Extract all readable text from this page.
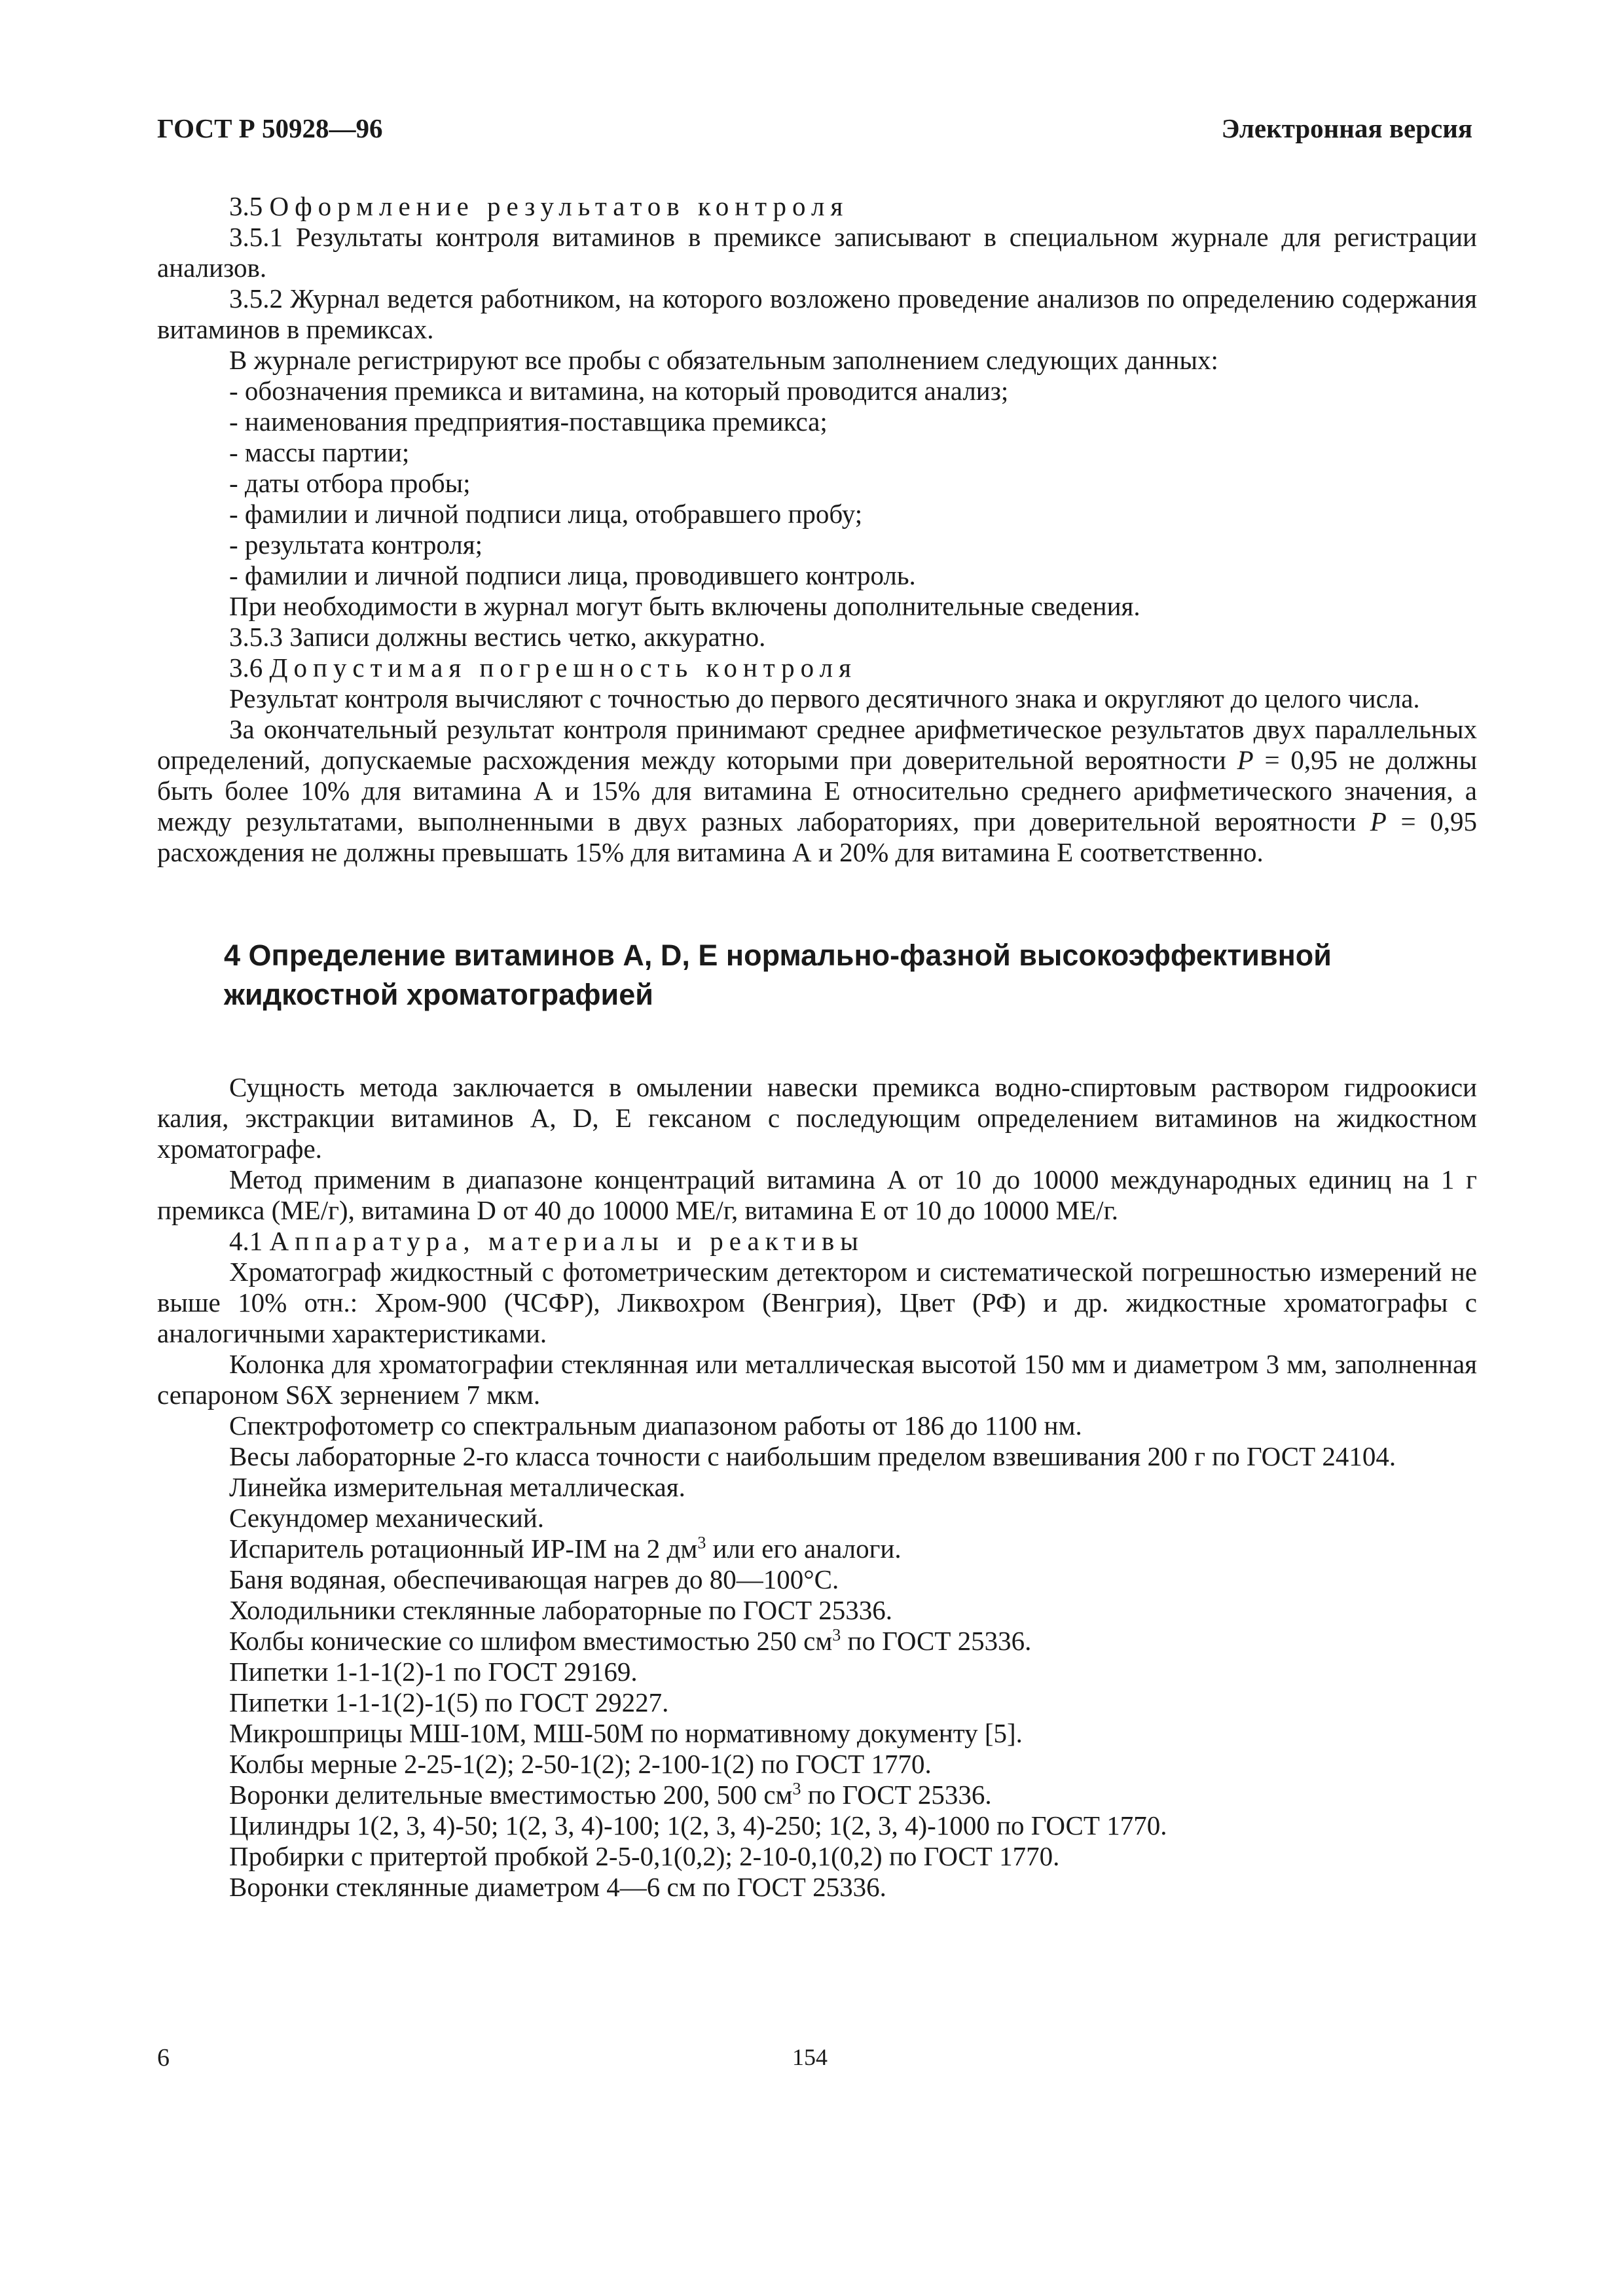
ГОСТ Р 50928—96	Электронная версия

3.5 Оформление результатов контроля

3.5.1 Результаты контроля витаминов в премиксе записывают в специальном журнале для регистрации анализов.

3.5.2 Журнал ведется работником, на которого возложено проведение анализов по определению содержания витаминов в премиксах.

В журнале регистрируют все пробы с обязательным заполнением следующих данных:

- обозначения премикса и витамина, на который проводится анализ;

- наименования предприятия-поставщика премикса;

- массы партии;

- даты отбора пробы;

- фамилии и личной подписи лица, отобравшего пробу;

- результата контроля;

- фамилии и личной подписи лица, проводившего контроль.

При необходимости в журнал могут быть включены дополнительные сведения.

3.5.3 Записи должны вестись четко, аккуратно.

3.6 Допустимая погрешность контроля

Результат контроля вычисляют с точностью до первого десятичного знака и округляют до целого числа.

За окончательный результат контроля принимают среднее арифметическое результатов двух параллельных определений, допускаемые расхождения между которыми при доверительной вероятности P = 0,95 не должны быть более 10% для витамина А и 15% для витамина Е относительно среднего арифметического значения, а между результатами, выполненными в двух разных лабораториях, при доверительной вероятности P = 0,95 расхождения не должны превышать 15% для витамина А и 20% для витамина Е соответственно.

4 Определение витаминов А, D, Е нормально-фазной высокоэффективной
жидкостной хроматографией

Сущность метода заключается в омылении навески премикса водно-спиртовым раствором гидроокиси калия, экстракции витаминов А, D, Е гексаном с последующим определением витаминов на жидкостном хроматографе.

Метод применим в диапазоне концентраций витамина А от 10 до 10000 международных единиц на 1 г премикса (МЕ/г), витамина D от 40 до 10000 МЕ/г, витамина Е от 10 до 10000 МЕ/г.

4.1 Аппаратура, материалы и реактивы

Хроматограф жидкостный с фотометрическим детектором и систематической погрешностью измерений не выше 10% отн.: Хром-900 (ЧСФР), Ликвохром (Венгрия), Цвет (РФ) и др. жидкостные хроматографы с аналогичными характеристиками.

Колонка для хроматографии стеклянная или металлическая высотой 150 мм и диаметром 3 мм, заполненная сепароном S6X зернением 7 мкм.

Спектрофотометр со спектральным диапазоном работы от 186 до 1100 нм.

Весы лабораторные 2-го класса точности с наибольшим пределом взвешивания 200 г по ГОСТ 24104.

Линейка измерительная металлическая.

Секундомер механический.

Испаритель ротационный ИР-IМ на 2 $дм^3$ или его аналоги.

Баня водяная, обеспечивающая нагрев до 80—100°С.

Холодильники стеклянные лабораторные по ГОСТ 25336.

Колбы конические со шлифом вместимостью 250 $см^3$ по ГОСТ 25336.

Пипетки 1-1-1(2)-1 по ГОСТ 29169.

Пипетки 1-1-1(2)-1(5) по ГОСТ 29227.

Микрошприцы МШ-10М, МШ-50М по нормативному документу [5].

Колбы мерные 2-25-1(2); 2-50-1(2); 2-100-1(2) по ГОСТ 1770.

Воронки делительные вместимостью 200, 500 $см^3$ по ГОСТ 25336.

Цилиндры 1(2, 3, 4)-50; 1(2, 3, 4)-100; 1(2, 3, 4)-250; 1(2, 3, 4)-1000 по ГОСТ 1770.

Пробирки с притертой пробкой 2-5-0,1(0,2); 2-10-0,1(0,2) по ГОСТ 1770.

Воронки стеклянные диаметром 4—6 см по ГОСТ 25336.

6	154
